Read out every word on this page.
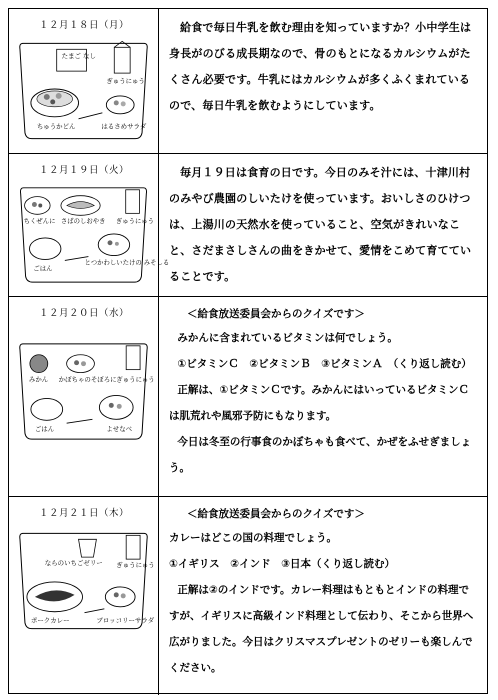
１２月１８日（月）
たまご なし
ぎゅうにゅう
ちゅうかどん	はるさめサラダ

給食で毎日牛乳を飲む理由を知っていますか？小中学生は身長がのびる成長期なので、骨のもとになるカルシウムがたくさん必要です。牛乳にはカルシウムが多くふくまれているので、毎日牛乳を飲むようにしています。

１２月１９日（火）
ちくぜんに さばのしおやき ぎゅうにゅう
ごはん
とつかわしいたけの みそしる

毎月１９日は食育の日です。今日のみそ汁には、十津川村のみやび農園のしいたけを使っています。おいしさのひけつは、上湯川の天然水を使っていること、空気がきれいなこと、さだまさしさんの曲をきかせて、愛情をこめて育てていることです。

１２月２０日（水）
みかん かぼちゃのそぼろに ぎゅうにゅう
ごはん	よせなべ

＜給食放送委員会からのクイズです＞

みかんに含まれているビタミンは何でしょう。

①ビタミンＣ　②ビタミンＢ　③ビタミンＡ　（くり返し読む）

正解は、①ビタミンＣです。みかんにはいっているビタミンＣは肌荒れや風邪予防にもなります。

今日は冬至の行事食のかぼちゃも食べて、かぜをふせぎましょう。

１２月２１日（木）
ならのいちごゼリー ぎゅうにゅう
ポークカレー	ブロッコリーサラダ

＜給食放送委員会からのクイズです＞

カレーはどこの国の料理でしょう。

①イギリス　②インド　③日本（くり返し読む）

正解は②のインドです。カレー料理はもともとインドの料理ですが、イギリスに高級インド料理として伝わり、そこから世界へ広がりました。今日はクリスマスプレゼントのゼリーも楽しんでください。
